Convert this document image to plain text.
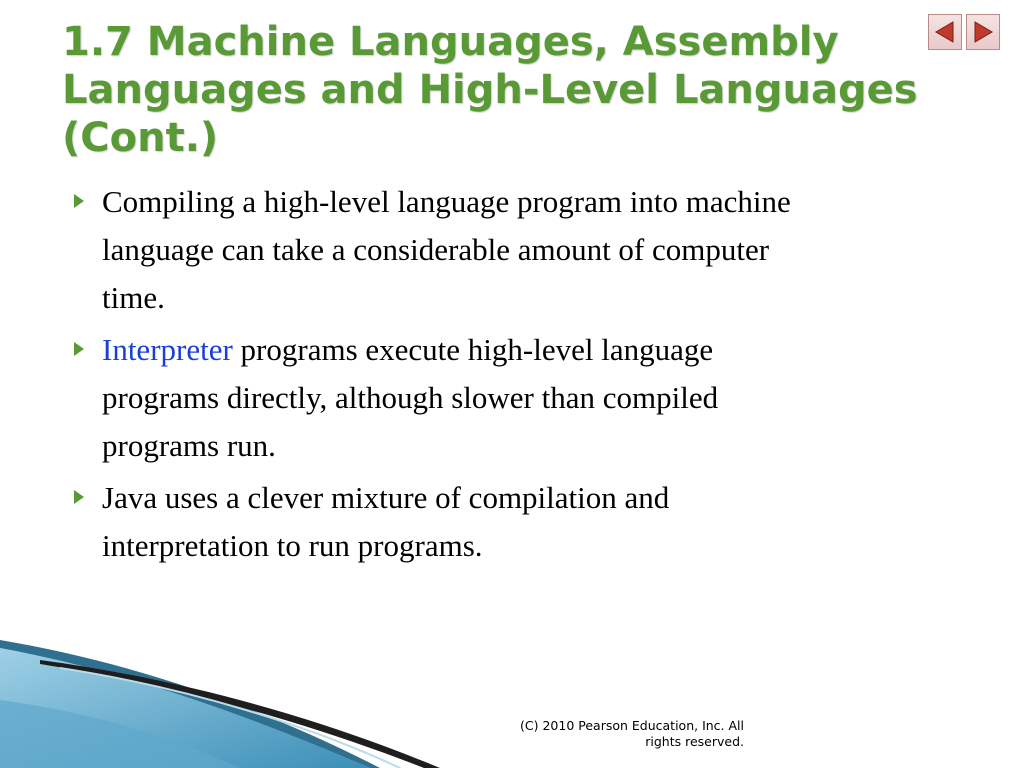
1.7 Machine Languages, Assembly
Languages and High-Level Languages
(Cont.)
Compiling a high-level language program into machine
language can take a considerable amount of computer
time.
Interpreter programs execute high-level language
programs directly, although slower than compiled
programs run.
Java uses a clever mixture of compilation and
interpretation to run programs.
(C) 2010 Pearson Education, Inc. All
rights reserved.
